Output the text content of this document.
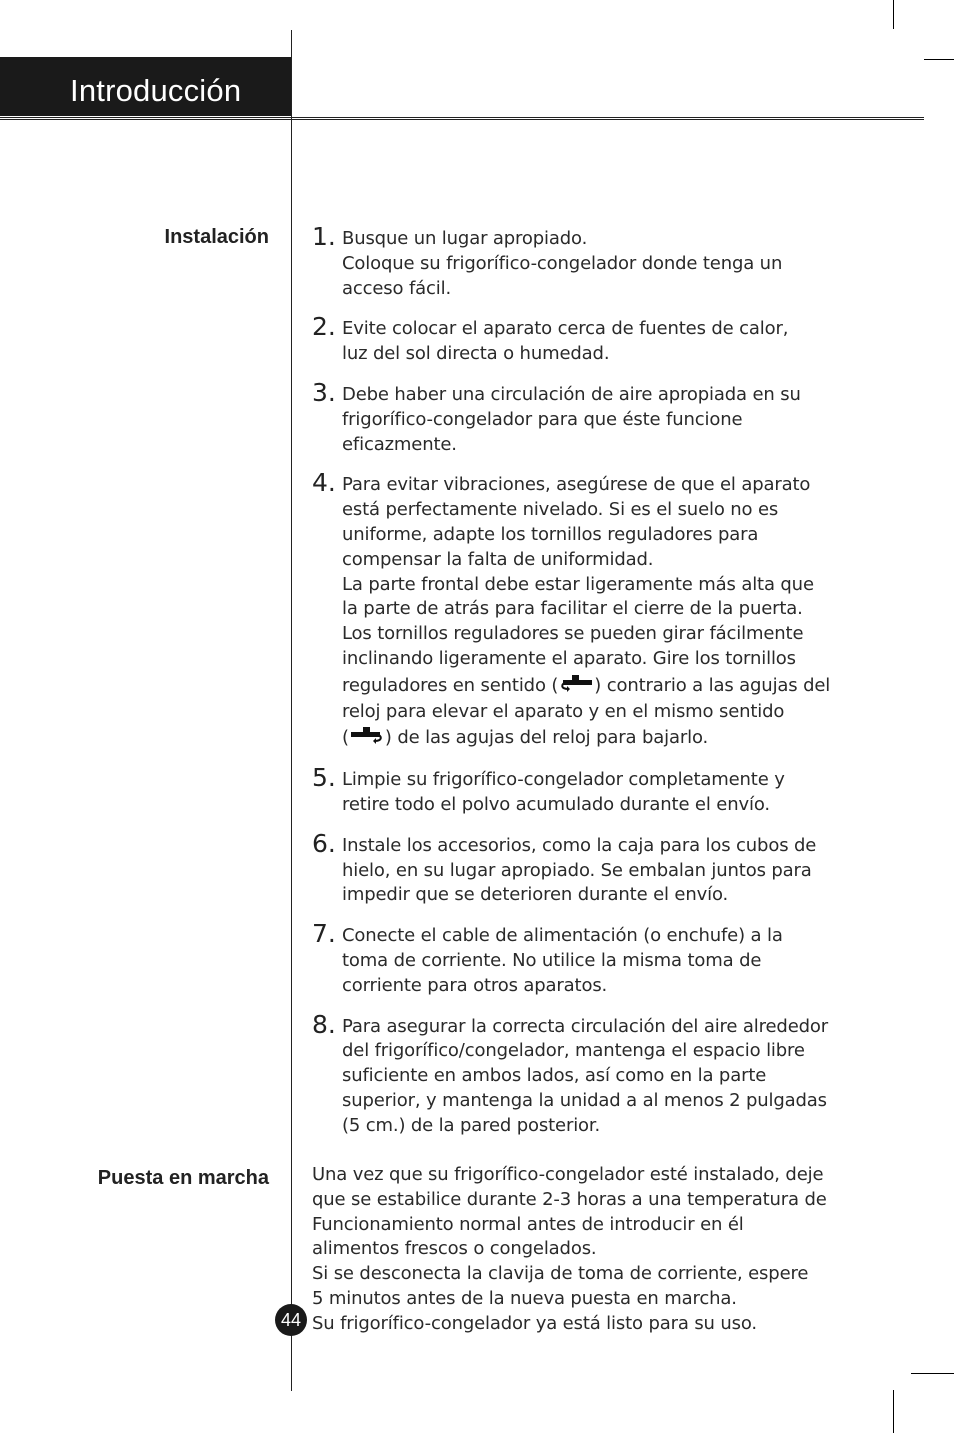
Introducción
Instalación
Puesta en marcha
1. Busque un lugar apropiado.

Coloque su frigorífico-congelador donde tenga un

acceso fácil.

2. Evite colocar el aparato cerca de fuentes de calor,

luz del sol directa o humedad.

3. Debe haber una circulación de aire apropiada en su

frigorífico-congelador para que éste funcione

eficazmente.

4. Para evitar vibraciones, asegúrese de que el aparato

está perfectamente nivelado. Si es el suelo no es

uniforme, adapte los tornillos reguladores para

compensar la falta de uniformidad.

La parte frontal debe estar ligeramente más alta que

la parte de atrás para facilitar el cierre de la puerta.

Los tornillos reguladores se pueden girar fácilmente

inclinando ligeramente el aparato. Gire los tornillos

reguladores en sentido ( ) contrario a las agujas del

reloj para elevar el aparato y en el mismo sentido

( ) de las agujas del reloj para bajarlo.

5. Limpie su frigorífico-congelador completamente y

retire todo el polvo acumulado durante el envío.

6. Instale los accesorios, como la caja para los cubos de

hielo, en su lugar apropiado. Se embalan juntos para

impedir que se deterioren durante el envío.

7. Conecte el cable de alimentación (o enchufe) a la

toma de corriente. No utilice la misma toma de

corriente para otros aparatos.

8. Para asegurar la correcta circulación del aire alrededor

del frigorífico/congelador, mantenga el espacio libre

suficiente en ambos lados, así como en la parte

superior, y mantenga la unidad a al menos 2 pulgadas

(5 cm.) de la pared posterior.

Una vez que su frigorífico-congelador esté instalado, deje

que se estabilice durante 2-3 horas a una temperatura de

Funcionamiento normal antes de introducir en él

alimentos frescos o congelados.

Si se desconecta la clavija de toma de corriente, espere

5 minutos antes de la nueva puesta en marcha.

Su frigorífico-congelador ya está listo para su uso.

44
